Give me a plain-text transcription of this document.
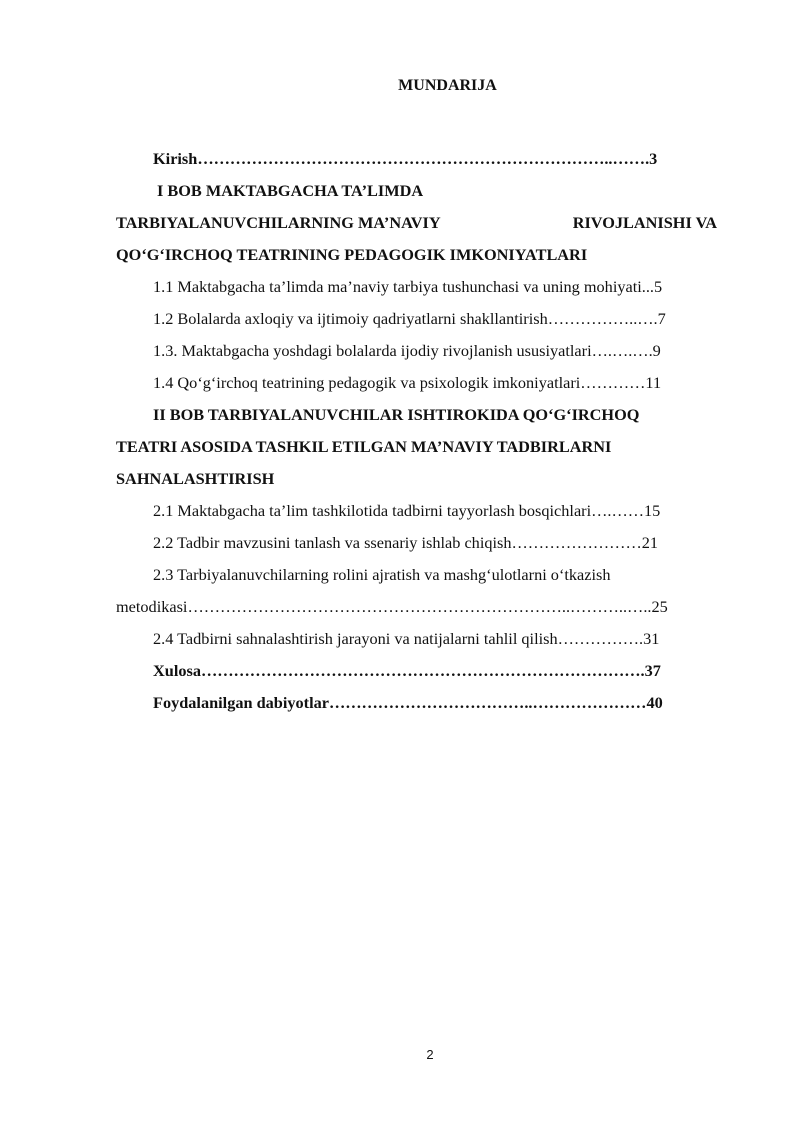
MUNDARIJA
Kirish…………………………………………………………………..…….3
I BOB MAKTABGACHA TA’LIMDA
TARBIYALANUVCHILARNING MA’NAVIY	RIVOJLANISHI VA
QO‘G‘IRCHOQ TEATRINING PEDAGOGIK IMKONIYATLARI
1.1 Maktabgacha ta’limda ma’naviy tarbiya tushunchasi va uning mohiyati...5
1.2 Bolalarda axloqiy va ijtimoiy qadriyatlarni shakllantirish……………..….7
1.3. Maktabgacha yoshdagi bolalarda ijodiy rivojlanish ususiyatlari….….….9
1.4 Qo‘g‘irchoq teatrining pedagogik va psixologik imkoniyatlari…………11
II BOB TARBIYALANUVCHILAR ISHTIROKIDA QO‘G‘IRCHOQ
TEATRI ASOSIDA TASHKIL ETILGAN MA’NAVIY TADBIRLARNI
SAHNALASHTIRISH
2.1 Maktabgacha ta’lim tashkilotida tadbirni tayyorlash bosqichlari….……15
2.2 Tadbir mavzusini tanlash va ssenariy ishlab chiqish……………………21
2.3 Tarbiyalanuvchilarning rolini ajratish va mashg‘ulotlarni o‘tkazish
metodikasi……………………………………………………………..………..…..25
2.4 Tadbirni sahnalashtirish jarayoni va natijalarni tahlil qilish…………….31
Xulosa……………………………………………………………………….37
Foydalanilgan dabiyotlar………………………………..…………………40
2
